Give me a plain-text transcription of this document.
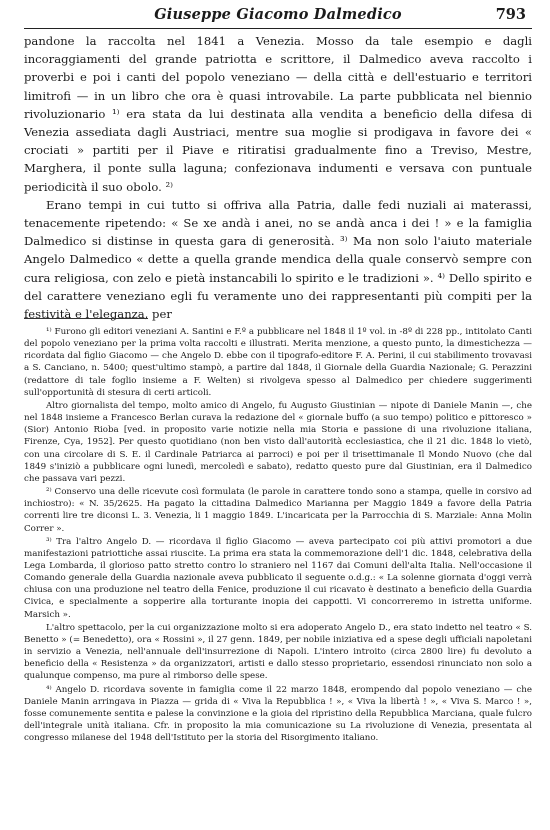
Giuseppe Giacomo Dalmedico	793

pandone la raccolta nel 1841 a Venezia. Mosso da tale esempio e dagli incoraggiamenti del grande patriotta e scrittore, il Dalmedico aveva raccolto i proverbi e poi i canti del popolo veneziano — della città e dell'estuario e territori limitrofi — in un libro che ora è quasi introvabile. La parte pubblicata nel biennio rivoluzionario ¹⁾ era stata da lui destinata alla vendita a beneficio della difesa di Venezia assediata dagli Austriaci, mentre sua moglie si prodigava in favore dei « crociati » partiti per il Piave e ritiratisi gradualmente fino a Treviso, Mestre, Marghera, il ponte sulla laguna; confezionava indumenti e versava con puntuale periodicità il suo obolo. ²⁾

Erano tempi in cui tutto si offriva alla Patria, dalle fedi nuziali ai materassi, tenacemente ripetendo: « Se xe andà i anei, no se andà anca i dei ! » e la famiglia Dalmedico si distinse in questa gara di generosità. ³⁾ Ma non solo l'aiuto materiale Angelo Dalmedico « dette a quella grande mendica della quale conservò sempre con cura religiosa, con zelo e pietà instancabili lo spirito e le tradizioni ». ⁴⁾ Dello spirito e del carattere veneziano egli fu veramente uno dei rappresentanti più compiti per la festività e l'eleganza, per

¹⁾ Furono gli editori veneziani A. Santini e F.º a pubblicare nel 1848 il 1º vol. in -8º di 228 pp., intitolato Canti del popolo veneziano per la prima volta raccolti e illustrati. Merita menzione, a questo punto, la dimestichezza — ricordata dal figlio Giacomo — che Angelo D. ebbe con il tipografo-editore F. A. Perini, il cui stabilimento trovavasi a S. Canciano, n. 5400; quest'ultimo stampò, a partire dal 1848, il Giornale della Guardia Nazionale; G. Perazzini (redattore di tale foglio insieme a F. Welten) si rivolgeva spesso al Dalmedico per chiedere suggerimenti sull'opportunità di stesura di certi articoli.

Altro giornalista del tempo, molto amico di Angelo, fu Augusto Giustinian — nipote di Daniele Manin —, che nel 1848 insieme a Francesco Berlan curava la redazione del « giornale buffo (a suo tempo) politico e pittoresco » (Sior) Antonio Rioba [ved. in proposito varie notizie nella mia Storia e passione di una rivoluzione italiana, Firenze, Cya, 1952]. Per questo quotidiano (non ben visto dall'autorità ecclesiastica, che il 21 dic. 1848 lo vietò, con una circolare di S. E. il Cardinale Patriarca ai parroci) e poi per il trisettimanale Il Mondo Nuovo (che dal 1849 s'iniziò a pubblicare ogni lunedì, mercoledì e sabato), redatto questo pure dal Giustinian, era il Dalmedico che passava vari pezzi.

²⁾ Conservo una delle ricevute così formulata (le parole in carattere tondo sono a stampa, quelle in corsivo ad inchiostro): « N. 35/2625. Ha pagato la cittadina Dalmedico Marianna per Maggio 1849 a favore della Patria correnti lire tre diconsi L. 3. Venezia, li 1 maggio 1849. L'incaricata per la Parrocchia di S. Marziale: Anna Molin Correr ».

³⁾ Tra l'altro Angelo D. — ricordava il figlio Giacomo — aveva partecipato coi più attivi promotori a due manifestazioni patriottiche assai riuscite. La prima era stata la commemorazione dell'1 dic. 1848, celebrativa della Lega Lombarda, il glorioso patto stretto contro lo straniero nel 1167 dai Comuni dell'alta Italia. Nell'occasione il Comando generale della Guardia nazionale aveva pubblicato il seguente o.d.g.: « La solenne giornata d'oggi verrà chiusa con una produzione nel teatro della Fenice, produzione il cui ricavato è destinato a beneficio della Guardia Civica, e specialmente a sopperire alla torturante inopia dei cappotti. Vi concorreremo in istretta uniforme. Marsich ».

L'altro spettacolo, per la cui organizzazione molto si era adoperato Angelo D., era stato indetto nel teatro « S. Benetto » (= Benedetto), ora « Rossini », il 27 genn. 1849, per nobile iniziativa ed a spese degli ufficiali napoletani in servizio a Venezia, nell'annuale dell'insurrezione di Napoli. L'intero introito (circa 2800 lire) fu devoluto a beneficio della « Resistenza » da organizzatori, artisti e dallo stesso proprietario, essendosi rinunciato non solo a qualunque compenso, ma pure al rimborso delle spese.

⁴⁾ Angelo D. ricordava sovente in famiglia come il 22 marzo 1848, erompendo dal popolo veneziano — che Daniele Manin arringava in Piazza — grida di « Viva la Repubblica ! », « Viva la libertà ! », « Viva S. Marco ! », fosse comunemente sentita e palese la convinzione e la gioia del ripristino della Repubblica Marciana, quale fulcro dell'integrale unità italiana. Cfr. in proposito la mia comunicazione su La rivoluzione di Venezia, presentata al congresso milanese del 1948 dell'Istituto per la storia del Risorgimento italiano.
